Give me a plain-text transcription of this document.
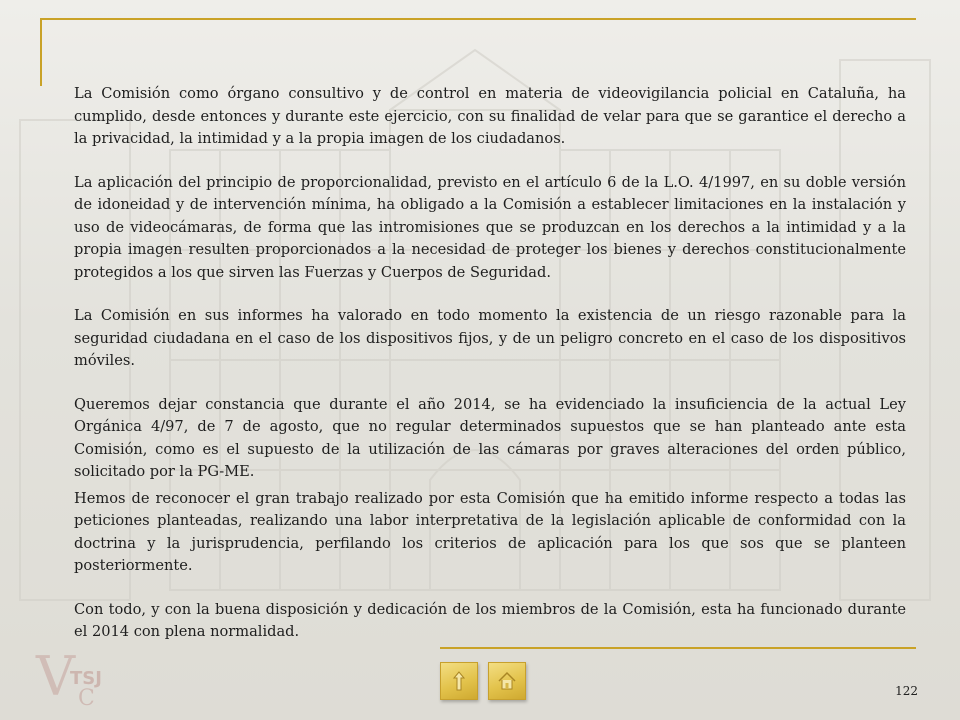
La Comisión como órgano consultivo y de control en materia de videovigilancia policial en Cataluña, ha cumplido, desde entonces y durante este ejercicio, con su finalidad de velar para que se garantice el derecho a la privacidad, la intimidad y a la propia imagen de los ciudadanos.

La aplicación del principio de proporcionalidad, previsto en el artículo 6 de la L.O. 4/1997, en su doble versión de idoneidad y de intervención mínima, ha obligado a la Comisión a establecer limitaciones en la instalación y uso de videocámaras, de forma que las intromisiones que se produzcan en los derechos a la intimidad y a la propia imagen resulten proporcionados a la necesidad de proteger los bienes y derechos constitucionalmente protegidos a los que sirven las Fuerzas y Cuerpos de Seguridad.

La Comisión en sus informes ha valorado en todo momento la existencia de un riesgo razonable para la seguridad ciudadana en el caso de los dispositivos fijos, y de un peligro concreto en el caso de los dispositivos móviles.

Queremos dejar constancia que durante el año 2014, se ha evidenciado la insuficiencia de la actual Ley Orgánica 4/97, de 7 de agosto, que no regular determinados supuestos que se han planteado ante esta Comisión, como es el supuesto de la utilización de las cámaras por graves alteraciones del orden público, solicitado por la PG-ME.

Hemos de reconocer el gran trabajo realizado por esta Comisión que ha emitido informe respecto a todas las peticiones planteadas, realizando una labor interpretativa de la legislación aplicable de conformidad con la doctrina y la jurisprudencia, perfilando los criterios de aplicación para los que sos que se planteen posteriormente.

Con todo, y con la buena disposición y dedicación de los miembros de la Comisión, esta ha funcionado durante el 2014 con plena normalidad.

V
TSJ
C	122
